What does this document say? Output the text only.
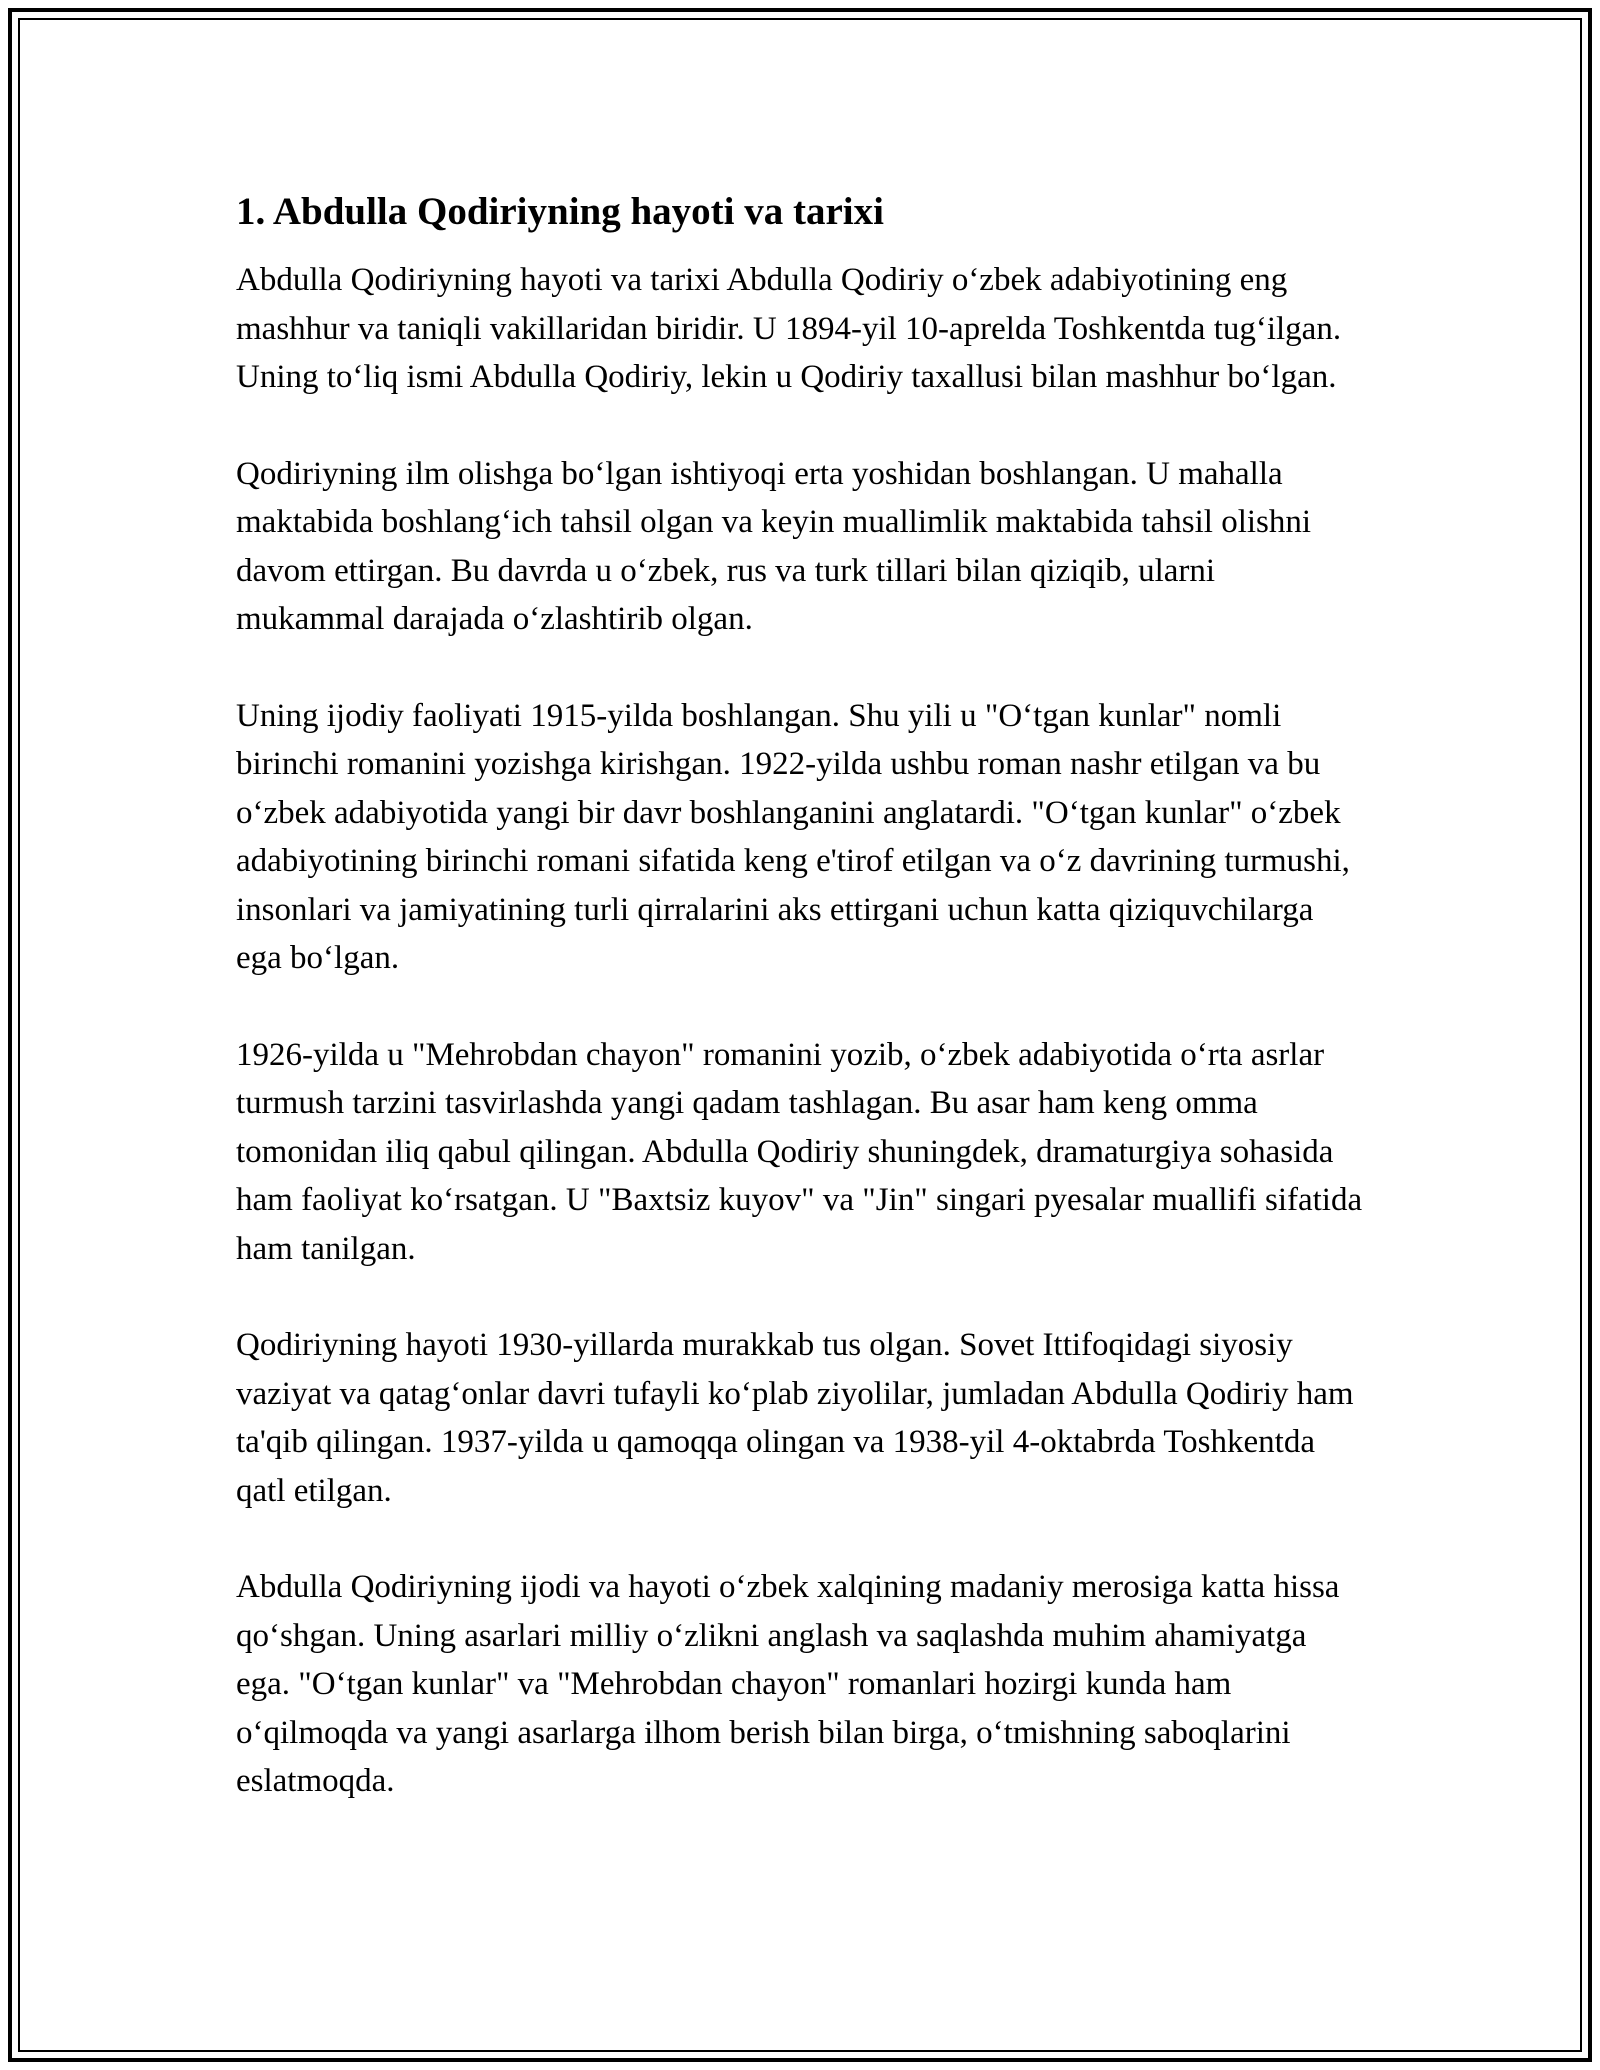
1. Abdulla Qodiriyning hayoti va tarixi

Abdulla Qodiriyning hayoti va tarixi Abdulla Qodiriy o‘zbek adabiyotining eng mashhur va taniqli vakillaridan biridir. U 1894-yil 10-aprelda Toshkentda tug‘ilgan. Uning to‘liq ismi Abdulla Qodiriy, lekin u Qodiriy taxallusi bilan mashhur bo‘lgan.

Qodiriyning ilm olishga bo‘lgan ishtiyoqi erta yoshidan boshlangan. U mahalla maktabida boshlang‘ich tahsil olgan va keyin muallimlik maktabida tahsil olishni davom ettirgan. Bu davrda u o‘zbek, rus va turk tillari bilan qiziqib, ularni mukammal darajada o‘zlashtirib olgan.

Uning ijodiy faoliyati 1915-yilda boshlangan. Shu yili u "O‘tgan kunlar" nomli birinchi romanini yozishga kirishgan. 1922-yilda ushbu roman nashr etilgan va bu o‘zbek adabiyotida yangi bir davr boshlanganini anglatardi. "O‘tgan kunlar" o‘zbek adabiyotining birinchi romani sifatida keng e'tirof etilgan va o‘z davrining turmushi, insonlari va jamiyatining turli qirralarini aks ettirgani uchun katta qiziquvchilarga ega bo‘lgan.

1926-yilda u "Mehrobdan chayon" romanini yozib, o‘zbek adabiyotida o‘rta asrlar turmush tarzini tasvirlashda yangi qadam tashlagan. Bu asar ham keng omma tomonidan iliq qabul qilingan. Abdulla Qodiriy shuningdek, dramaturgiya sohasida ham faoliyat ko‘rsatgan. U "Baxtsiz kuyov" va "Jin" singari pyesalar muallifi sifatida ham tanilgan.

Qodiriyning hayoti 1930-yillarda murakkab tus olgan. Sovet Ittifoqidagi siyosiy vaziyat va qatag‘onlar davri tufayli ko‘plab ziyolilar, jumladan Abdulla Qodiriy ham ta'qib qilingan. 1937-yilda u qamoqqa olingan va 1938-yil 4-oktabrda Toshkentda qatl etilgan.

Abdulla Qodiriyning ijodi va hayoti o‘zbek xalqining madaniy merosiga katta hissa qo‘shgan. Uning asarlari milliy o‘zlikni anglash va saqlashda muhim ahamiyatga ega. "O‘tgan kunlar" va "Mehrobdan chayon" romanlari hozirgi kunda ham o‘qilmoqda va yangi asarlarga ilhom berish bilan birga, o‘tmishning saboqlarini eslatmoqda.
